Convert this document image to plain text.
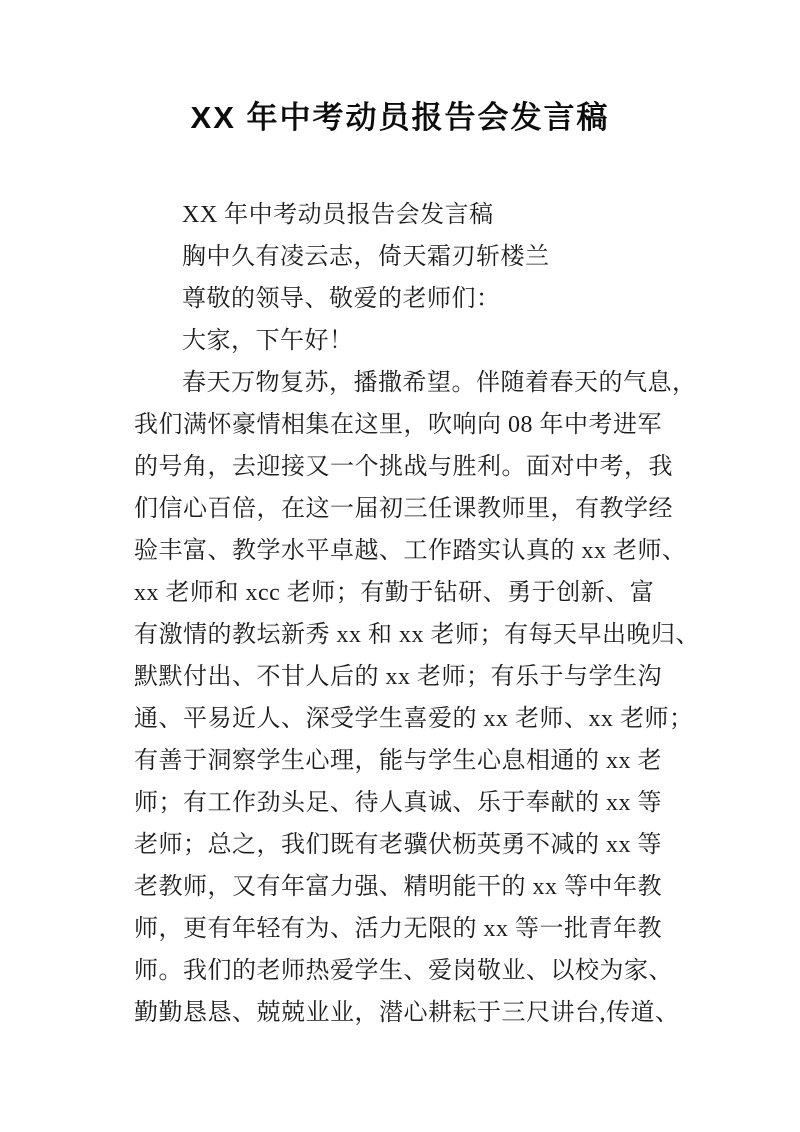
XX 年中考动员报告会发言稿
XX 年中考动员报告会发言稿
胸中久有凌云志，倚天霜刃斩楼兰
尊敬的领导、敬爱的老师们：
大家，下午好！
春天万物复苏，播撒希望。伴随着春天的气息，
我们满怀豪情相集在这里，吹响向 08 年中考进军
的号角，去迎接又一个挑战与胜利。面对中考，我
们信心百倍，在这一届初三任课教师里，有教学经
验丰富、教学水平卓越、工作踏实认真的 xx 老师、
xx 老师和 xcc 老师；有勤于钻研、勇于创新、富
有激情的教坛新秀 xx 和 xx 老师；有每天早出晚归、
默默付出、不甘人后的 xx 老师；有乐于与学生沟
通、平易近人、深受学生喜爱的 xx 老师、xx 老师；
有善于洞察学生心理，能与学生心息相通的 xx 老
师；有工作劲头足、待人真诚、乐于奉献的 xx 等
老师；总之，我们既有老骥伏枥英勇不减的 xx 等
老教师，又有年富力强、精明能干的 xx 等中年教
师，更有年轻有为、活力无限的 xx 等一批青年教
师。我们的老师热爱学生、爱岗敬业、以校为家、
勤勤恳恳、兢兢业业，潜心耕耘于三尺讲台,传道、
